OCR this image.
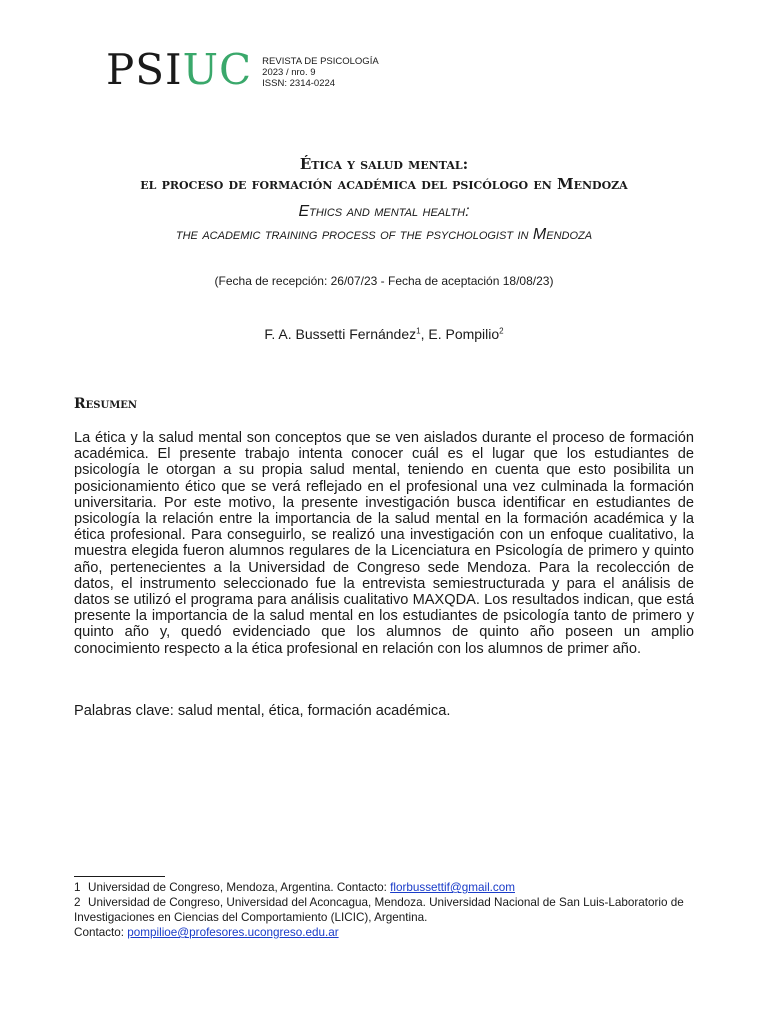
PSIUC REVISTA DE PSICOLOGÍA
2023 / nro. 9
ISSN: 2314-0224
Ética y salud mental:
el proceso de formación académica del psicólogo en Mendoza
Ethics and mental health:
the academic training process of the psychologist in Mendoza
(Fecha de recepción: 26/07/23 - Fecha de aceptación 18/08/23)
F. A. Bussetti Fernández$^1$, E. Pompilio$^2$
Resumen
La ética y la salud mental son conceptos que se ven aislados durante el proceso de formación académica. El presente trabajo intenta conocer cuál es el lugar que los estudiantes de psicología le otorgan a su propia salud mental, teniendo en cuenta que esto posibilita un posicionamiento ético que se verá reflejado en el profesional una vez culminada la formación universitaria. Por este motivo, la presente investigación busca identificar en estudiantes de psicología la relación entre la importancia de la salud mental en la formación académica y la ética profesional. Para conseguirlo, se realizó una investigación con un enfoque cualitativo, la muestra elegida fueron alumnos regulares de la Licenciatura en Psicología de primero y quinto año, pertenecientes a la Universidad de Congreso sede Mendoza. Para la recolección de datos, el instrumento seleccionado fue la entrevista semiestructurada y para el análisis de datos se utilizó el programa para análisis cualitativo MAXQDA. Los resultados indican, que está presente la importancia de la salud mental en los estudiantes de psicología tanto de primero y quinto año y, quedó evidenciado que los alumnos de quinto año poseen un amplio conocimiento respecto a la ética profesional en relación con los alumnos de primer año.
Palabras clave: salud mental, ética, formación académica.

1 Universidad de Congreso, Mendoza, Argentina. Contacto: florbussettif@gmail.com

2 Universidad de Congreso, Universidad del Aconcagua, Mendoza. Universidad Nacional de San Luis-Laboratorio de Investigaciones en Ciencias del Comportamiento (LICIC), Argentina.
Contacto: pompilioe@profesores.ucongreso.edu.ar
